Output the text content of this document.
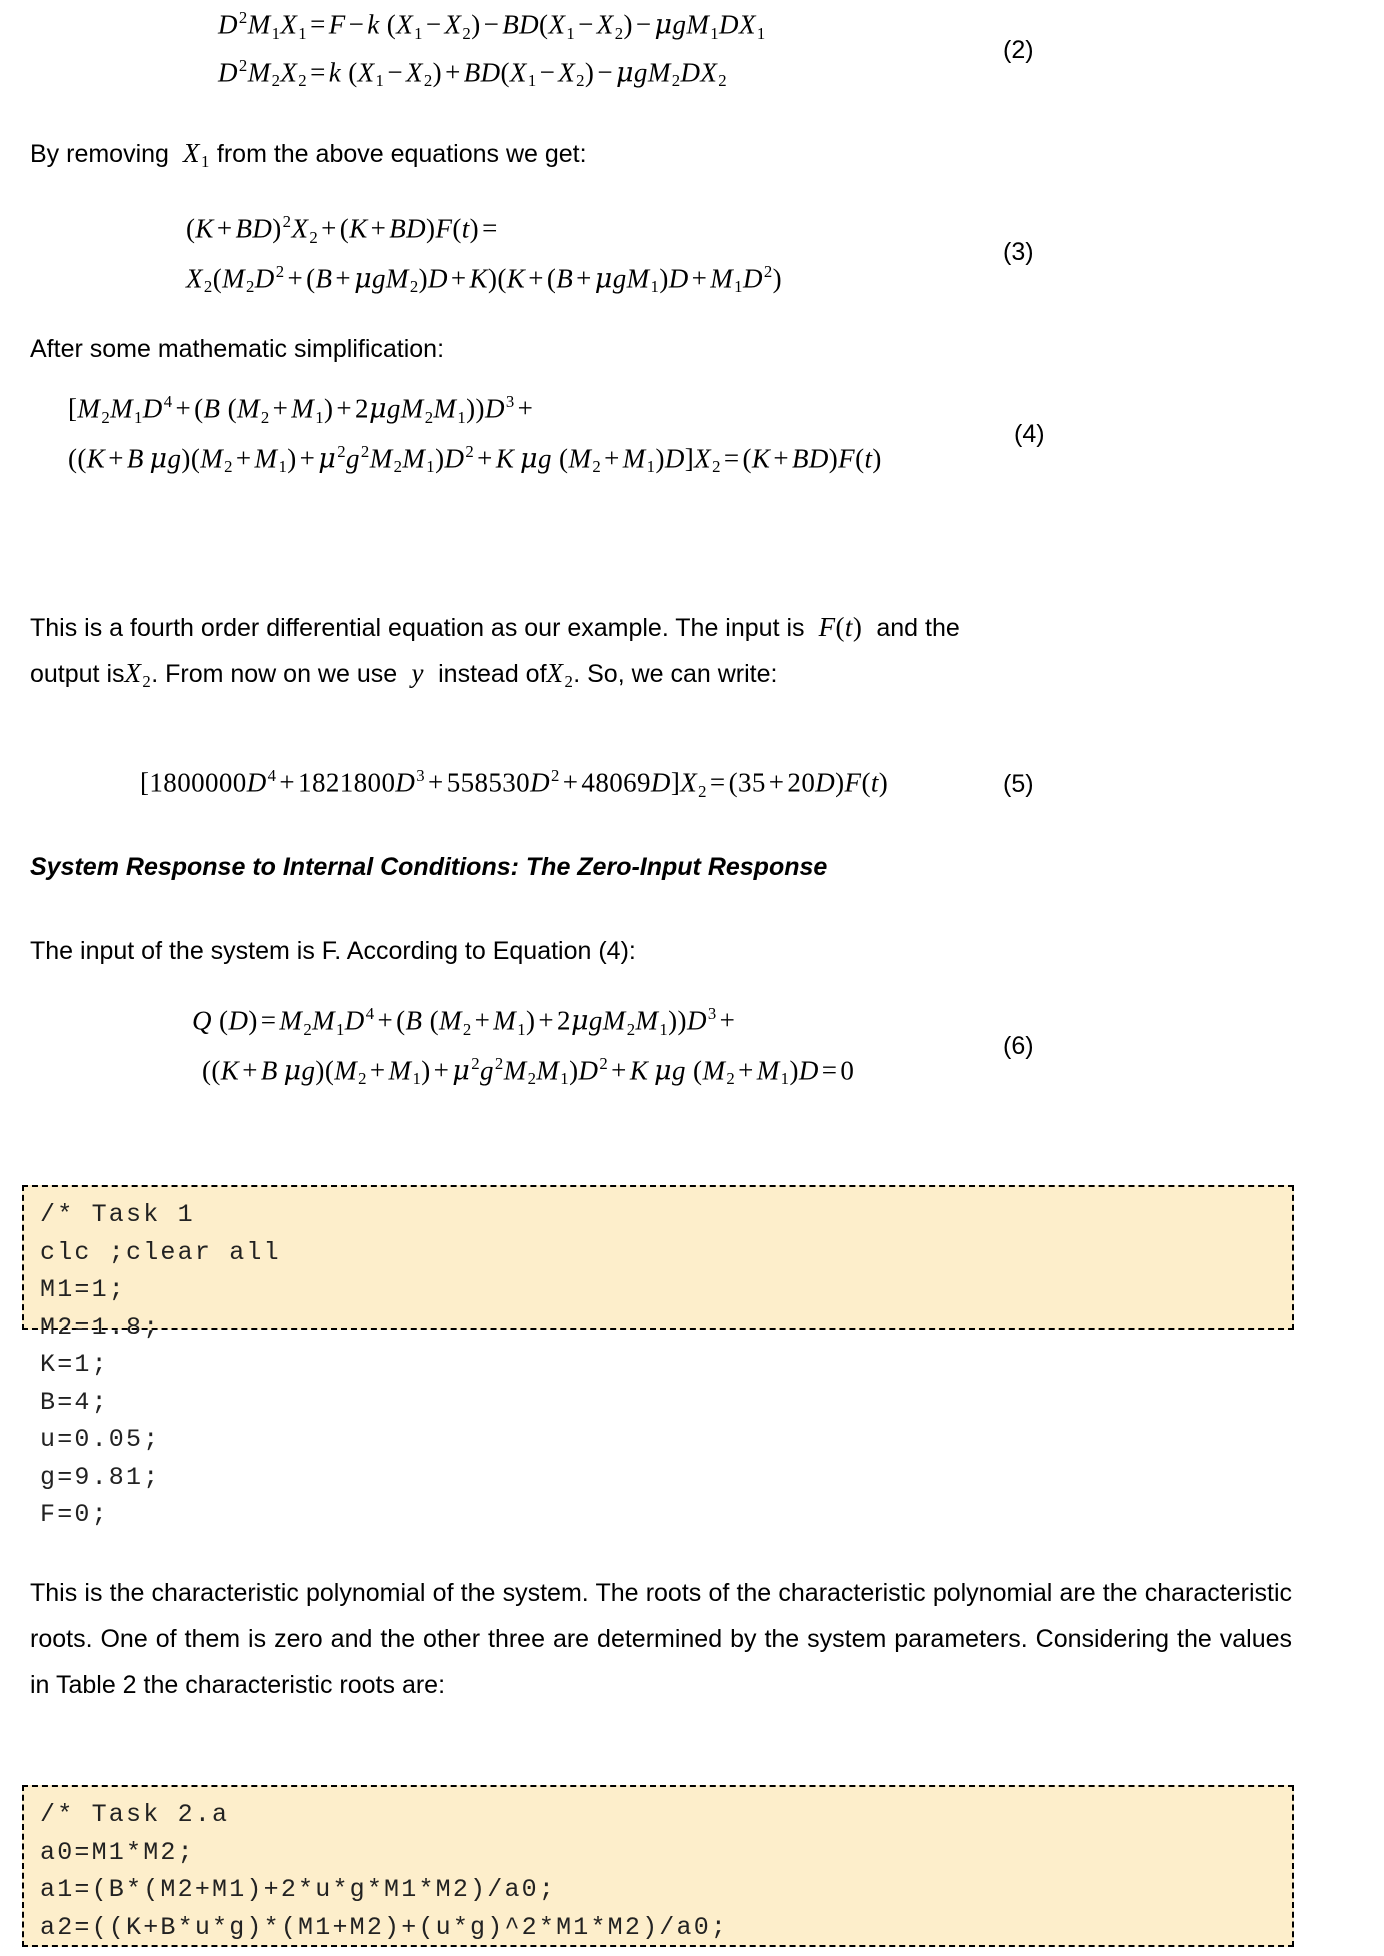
$D^2M_1X_1 = F - k$ $(X_1 - X_2) - BD(X_1 - X_2) - \mu gM_1DX_1$
$D^2M_2X_2 = k$ $(X_1 - X_2) + BD(X_1 - X_2) - \mu gM_2DX_2$
(2)
By removing  $X_1$ from the above equations we get:
$(K + BD)^2X_2 + (K + BD)F(t)$ =
$X_2(M_2D^2 + (B + \mu gM_2)D + K)(K + (B + \mu gM_1)D + M_1D^2)$
(3)
After some mathematic simplification:
[$M_2M_1D^4 + (B$ $(M_2 + M_1) + 2\mu gM_2M_1))D^3$ +
((K + B $\mu g)(M_2 + M_1) + \mu^2g^2M_2M_1)D^2 + K$ μg $(M_2 + M_1)D]X_2 = (K + BD)F(t)$
(4)
This is a fourth order differential equation as our example. The input is  F(t) and the
output isX$_2$. From now on we use  y  instead ofX$_2$. So, we can write:
$[1800000D^4 + 1821800D^3 + 558530D^2 + 48069D]X_2 = (35 + 20D)F(t)$	(5)
System Response to Internal Conditions: The Zero-Input Response
The input of the system is F. According to Equation (4):
Q $(D) = M_2M_1D^4 + (B$ $(M_2 + M_1) + 2\mu gM_2M_1))D^3$ +
((K + B $\mu g)(M_2 + M_1) + \mu^2g^2M_2M_1)D^2 + K$ μg $(M_2 + M_1)D = 0$
(6)
/* Task 1
clc ;clear all
M1=1;
M2=1.8;
K=1;
B=4;
u=0.05;
g=9.81;
F=0;
This is the characteristic polynomial of the system. The roots of the characteristic polynomial are the characteristic roots. One of them is zero and the other three are determined by the system parameters. Considering the values in Table 2 the characteristic roots are:
/* Task 2.a
a0=M1*M2;
a1=(B*(M2+M1)+2*u*g*M1*M2)/a0;
a2=((K+B*u*g)*(M1+M2)+(u*g)^2*M1*M2)/a0;
